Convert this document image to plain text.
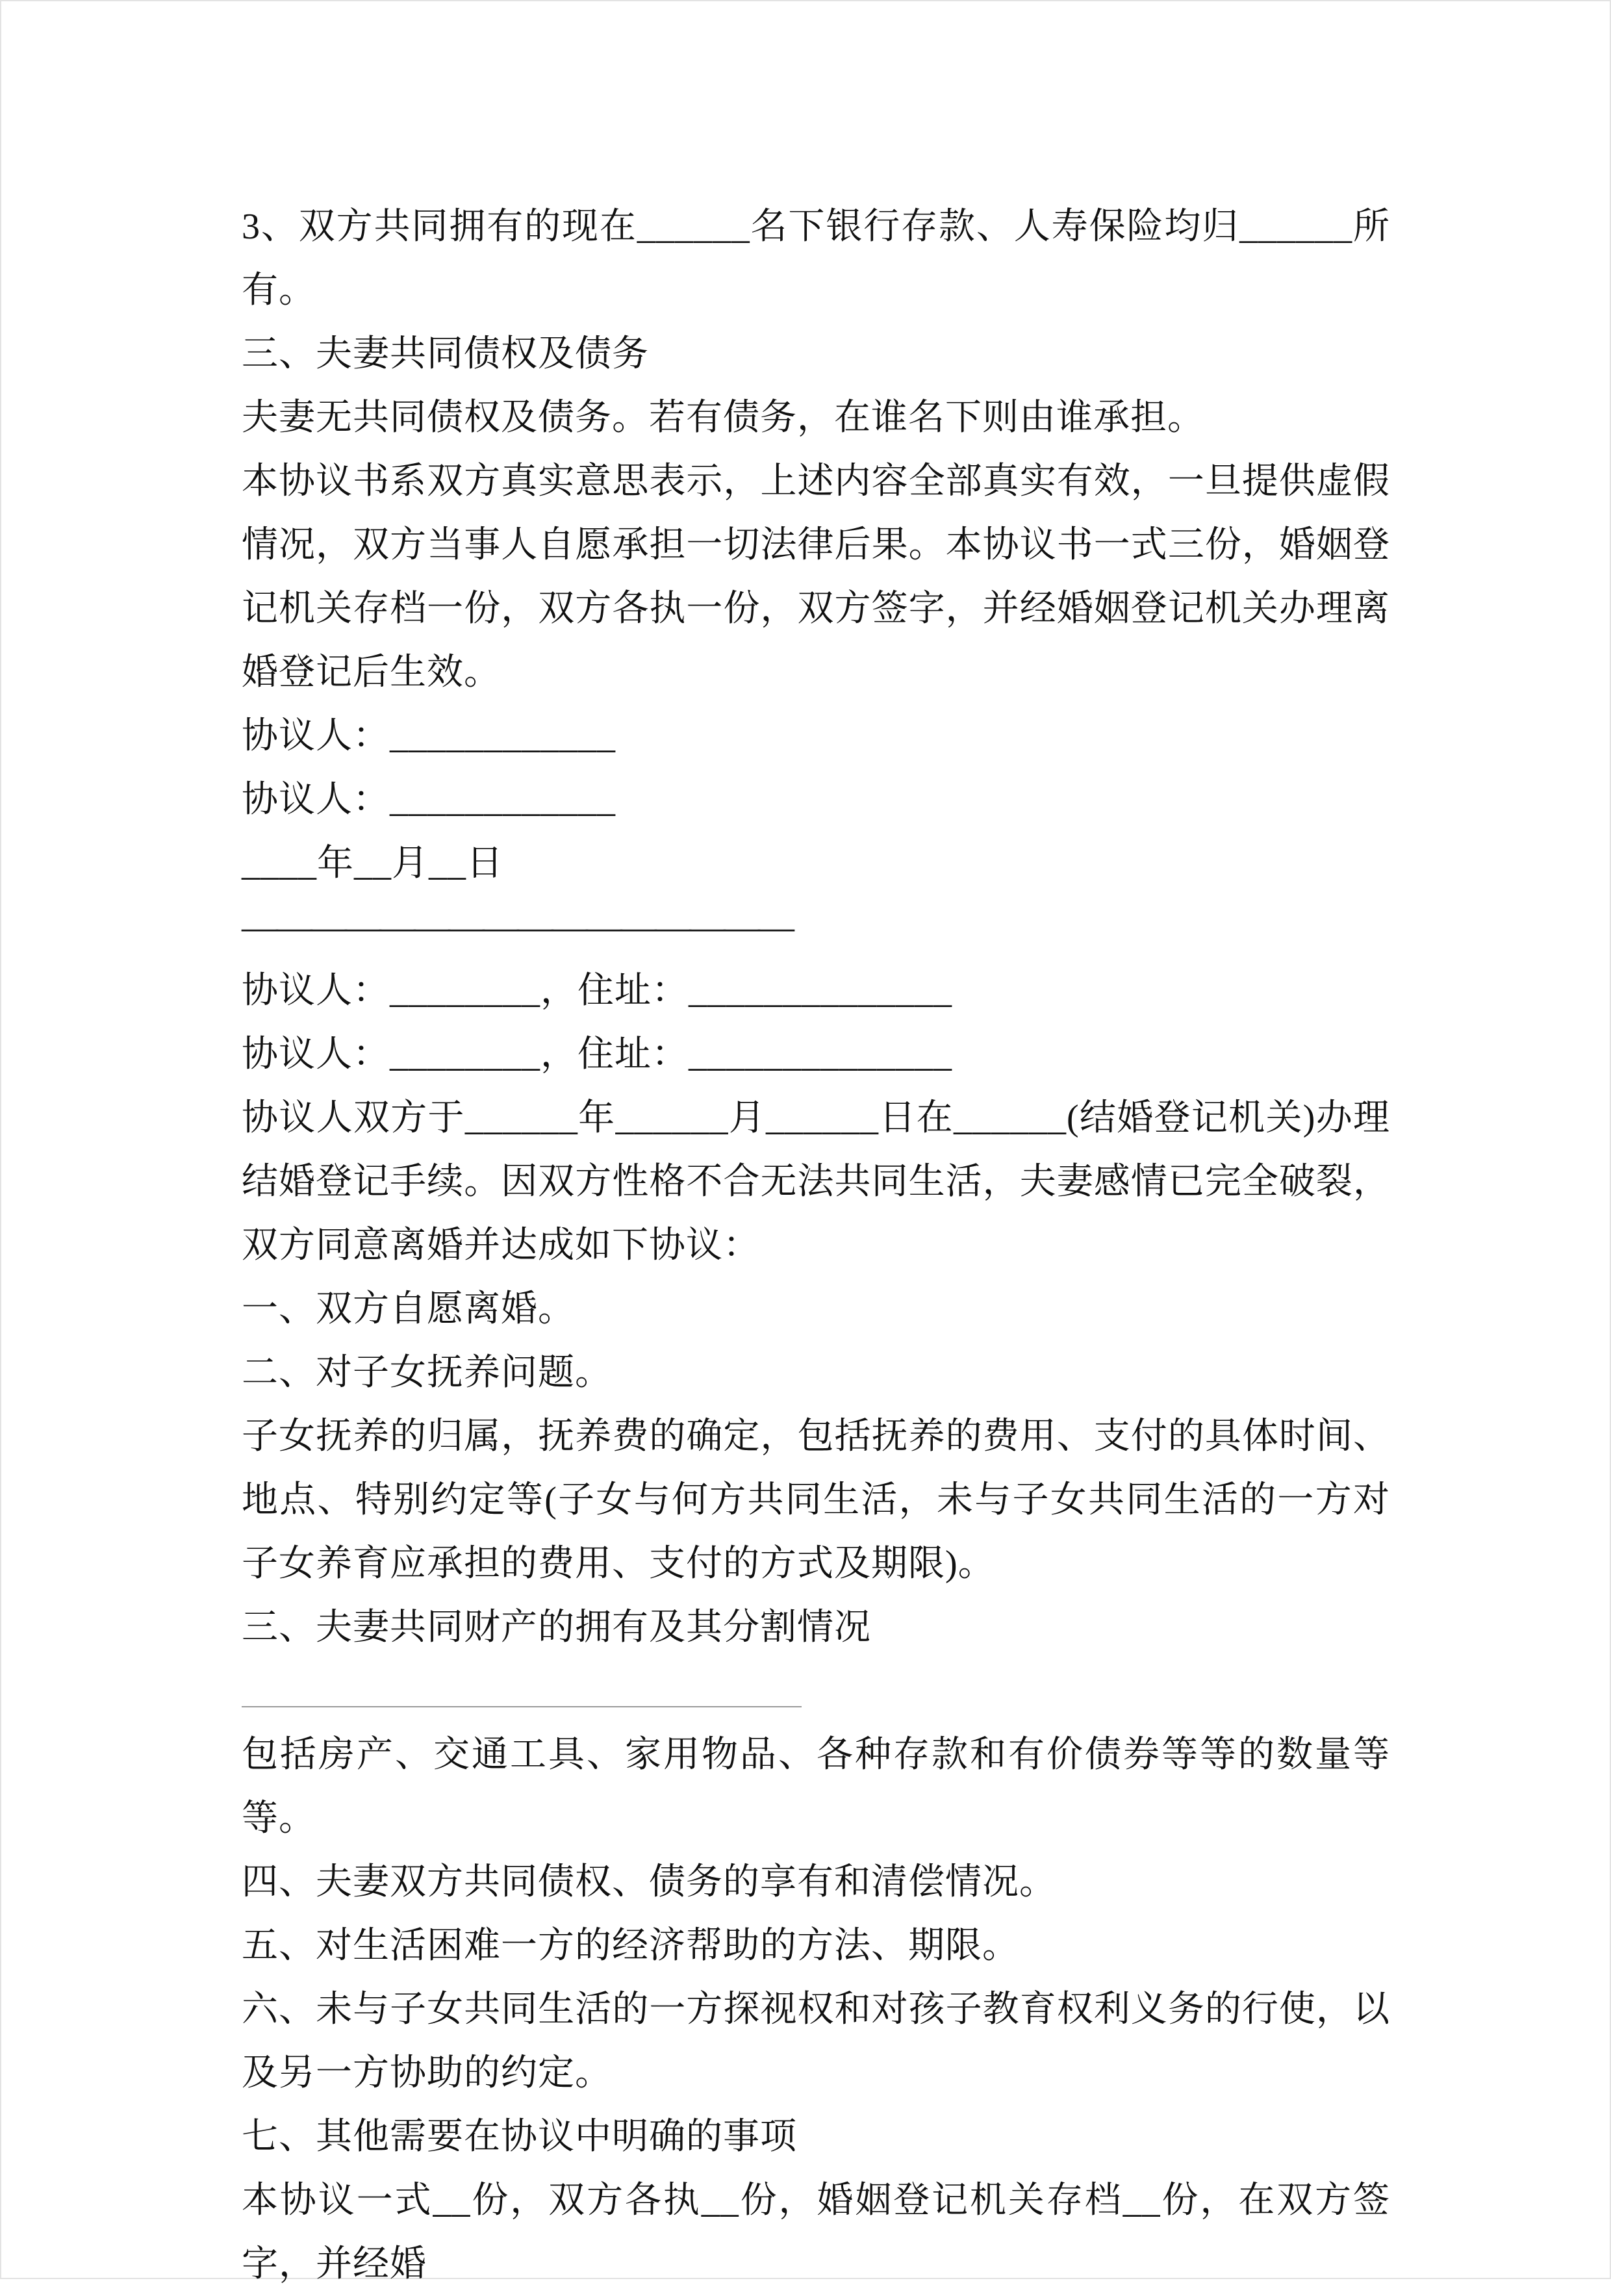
3、双方共同拥有的现在______名下银行存款、人寿保险均归______所有。

三、夫妻共同债权及债务

夫妻无共同债权及债务。若有债务，在谁名下则由谁承担。

本协议书系双方真实意思表示，上述内容全部真实有效，一旦提供虚假情况，双方当事人自愿承担一切法律后果。本协议书一式三份，婚姻登记机关存档一份，双方各执一份，双方签字，并经婚姻登记机关办理离婚登记后生效。

协议人：____________

协议人：____________

____年__月__日

————————————————

协议人：________，住址：______________

协议人：________，住址：______________

协议人双方于______年______月______日在______(结婚登记机关)办理结婚登记手续。因双方性格不合无法共同生活，夫妻感情已完全破裂，双方同意离婚并达成如下协议：

一、双方自愿离婚。

二、对子女抚养问题。

子女抚养的归属，抚养费的确定，包括抚养的费用、支付的具体时间、地点、特别约定等(子女与何方共同生活，未与子女共同生活的一方对子女养育应承担的费用、支付的方式及期限)。

三、夫妻共同财产的拥有及其分割情况

包括房产、交通工具、家用物品、各种存款和有价债券等等的数量等等。

四、夫妻双方共同债权、债务的享有和清偿情况。

五、对生活困难一方的经济帮助的方法、期限。

六、未与子女共同生活的一方探视权和对孩子教育权利义务的行使，以及另一方协助的约定。

七、其他需要在协议中明确的事项

本协议一式__份，双方各执__份，婚姻登记机关存档__份，在双方签字，并经婚
